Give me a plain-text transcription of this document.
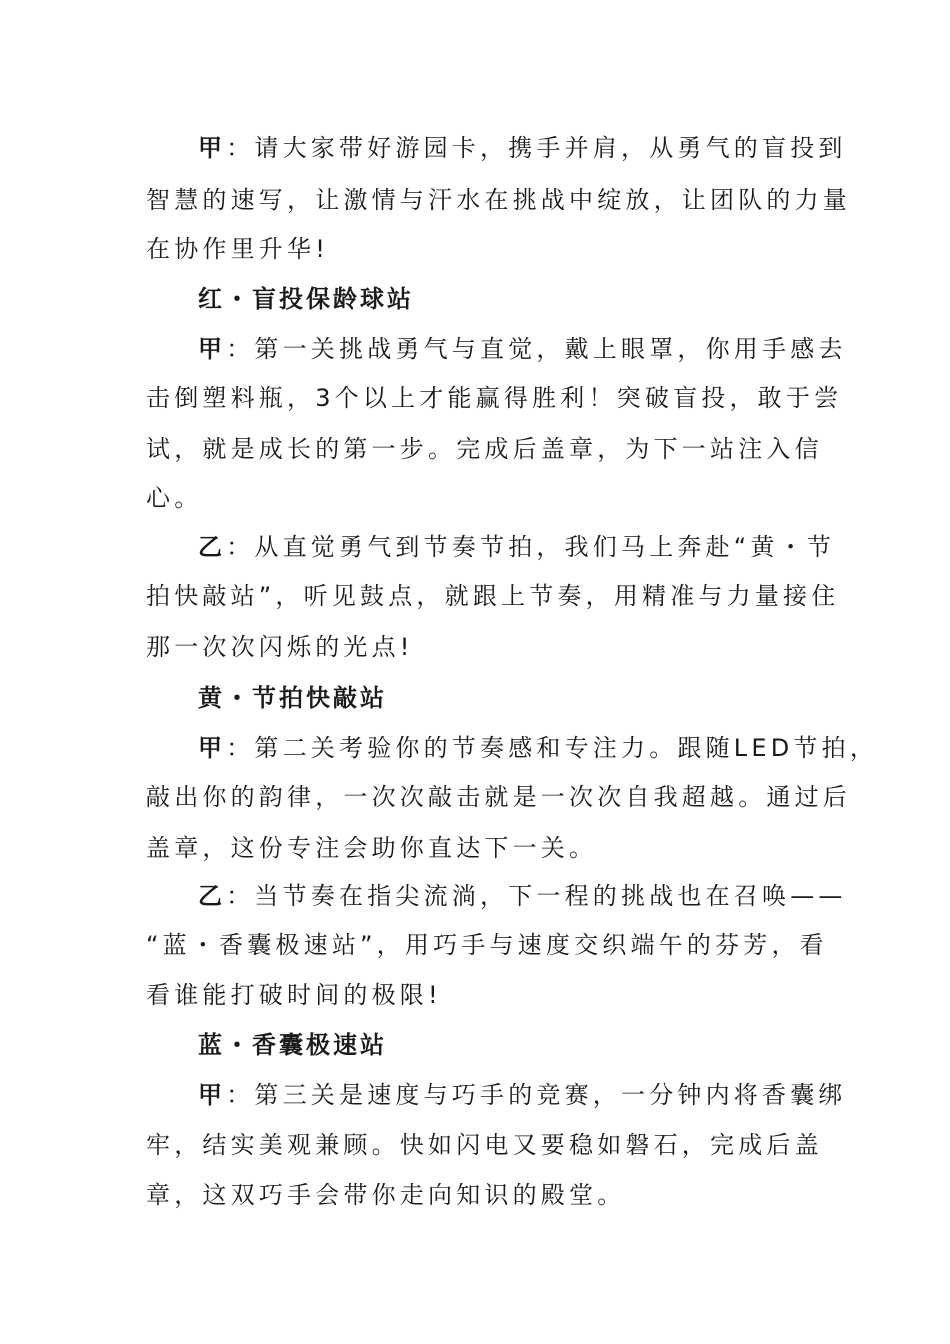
甲：请大家带好游园卡，携手并肩，从勇气的盲投到
智慧的速写，让激情与汗水在挑战中绽放，让团队的力量
在协作里升华!
红・盲投保龄球站
甲：第一关挑战勇气与直觉，戴上眼罩，你用手感去
击倒塑料瓶，3个以上才能赢得胜利！突破盲投，敢于尝
试，就是成长的第一步。完成后盖章，为下一站注入信
心。
乙：从直觉勇气到节奏节拍，我们马上奔赴“黄・节
拍快敲站”，听见鼓点，就跟上节奏，用精准与力量接住
那一次次闪烁的光点!
黄・节拍快敲站
甲：第二关考验你的节奏感和专注力。跟随LED节拍，
敲出你的韵律，一次次敲击就是一次次自我超越。通过后
盖章，这份专注会助你直达下一关。
乙：当节奏在指尖流淌，下一程的挑战也在召唤——
“蓝・香囊极速站”，用巧手与速度交织端午的芬芳，看
看谁能打破时间的极限!
蓝・香囊极速站
甲：第三关是速度与巧手的竞赛，一分钟内将香囊绑
牢，结实美观兼顾。快如闪电又要稳如磐石，完成后盖
章，这双巧手会带你走向知识的殿堂。
